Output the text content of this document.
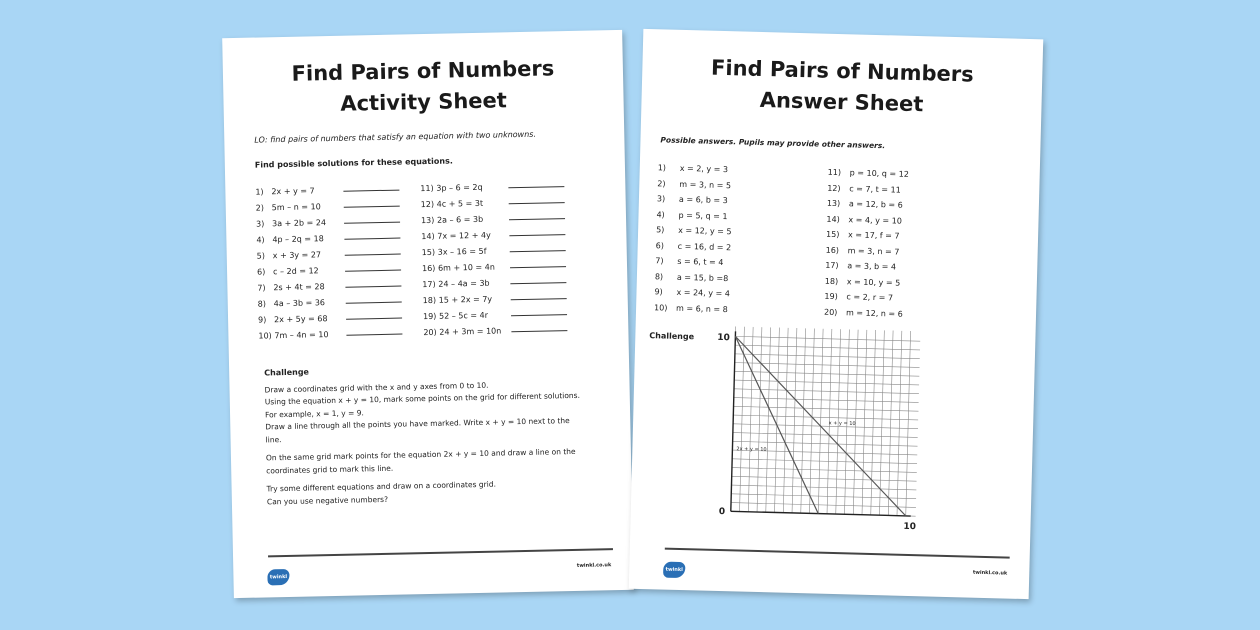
Find Pairs of Numbers
Activity Sheet
LO: find pairs of numbers that satisfy an equation with two unknowns.
Find possible solutions for these equations.
1) 2x + y = 7
2) 5m – n = 10
3) 3a + 2b = 24
4) 4p – 2q = 18
5) x + 3y = 27
6) c – 2d = 12
7) 2s + 4t = 28
8) 4a – 3b = 36
9) 2x + 5y = 68
10) 7m – 4n = 10
11) 3p – 6 = 2q
12) 4c + 5 = 3t
13) 2a – 6 = 3b
14) 7x = 12 + 4y
15) 3x – 16 = 5f
16) 6m + 10 = 4n
17) 24 – 4a = 3b
18) 15 + 2x = 7y
19) 52 – 5c = 4r
20) 24 + 3m = 10n
Challenge
Draw a coordinates grid with the x and y axes from 0 to 10.
Using the equation x + y = 10, mark some points on the grid for different solutions.
For example, x = 1, y = 9.
Draw a line through all the points you have marked. Write x + y = 10 next to the line.
On the same grid mark points for the equation 2x + y = 10 and draw a line on the coordinates grid to mark this line.
Try some different equations and draw on a coordinates grid.
Can you use negative numbers?
twinkl
twinkl.co.uk
Find Pairs of Numbers
Answer Sheet
Possible answers. Pupils may provide other answers.
1)	x = 2, y = 3
2)	m = 3, n = 5
3)	a = 6, b = 3
4)	p = 5, q = 1
5)	x = 12, y = 5
6)	c = 16, d = 2
7)	s = 6, t = 4
8)	a = 15, b =8
9)	x = 24, y = 4
10)	m = 6, n = 8
11)	p = 10, q = 12
12)	c = 7, t = 11
13)	a = 12, b = 6
14)	x = 4, y = 10
15)	x = 17, f = 7
16)	m = 3, n = 7
17)	a = 3, b = 4
18)	x = 10, y = 5
19)	c = 2, r = 7
20)	m = 12, n = 6
Challenge
0
10
10
x + y = 10
2x + y = 10
twinkl	twinkl.co.uk
